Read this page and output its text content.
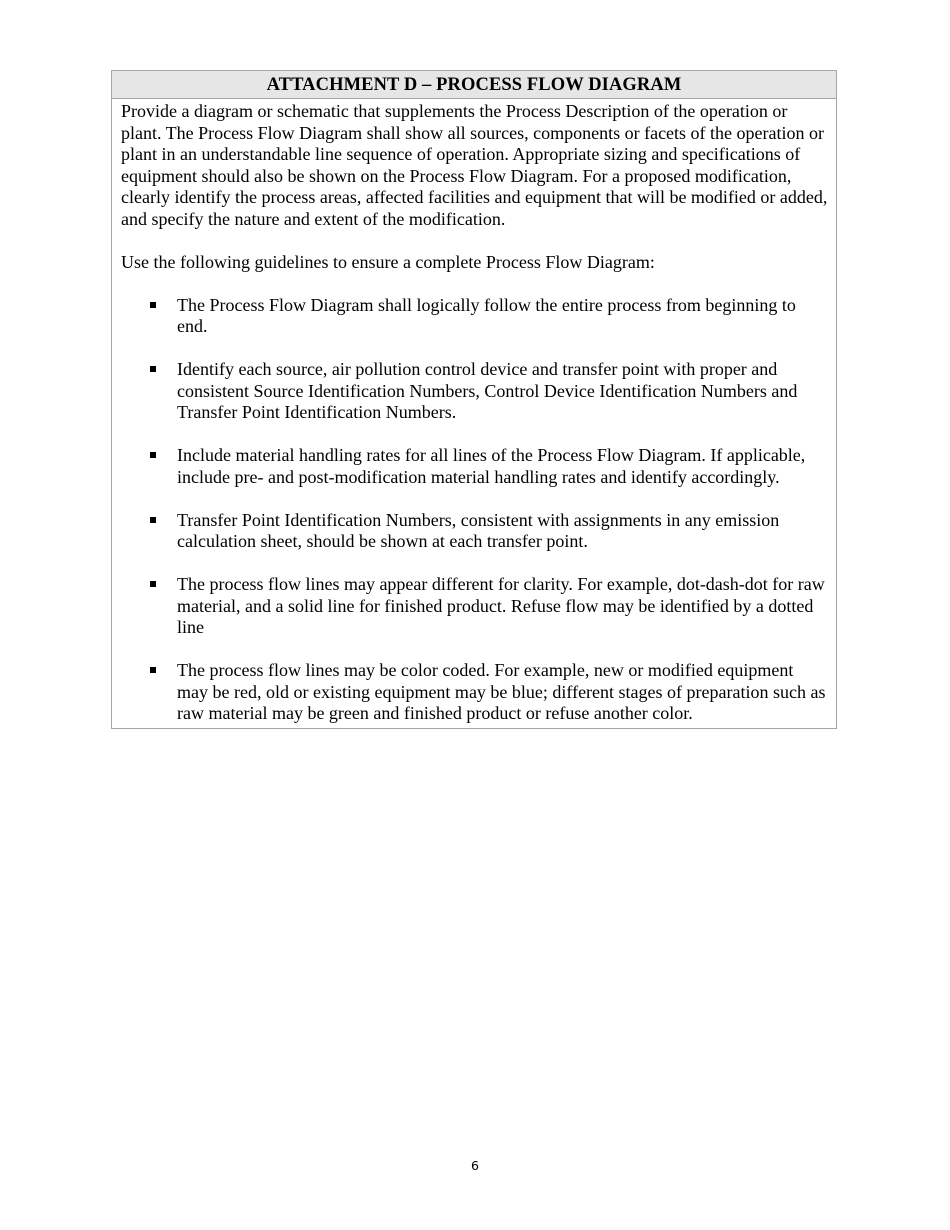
ATTACHMENT D – PROCESS FLOW DIAGRAM

Provide a diagram or schematic that supplements the Process Description of the operation or plant. The Process Flow Diagram shall show all sources, components or facets of the operation or plant in an understandable line sequence of operation. Appropriate sizing and specifications of equipment should also be shown on the Process Flow Diagram. For a proposed modification, clearly identify the process areas, affected facilities and equipment that will be modified or added, and specify the nature and extent of the modification.

Use the following guidelines to ensure a complete Process Flow Diagram:

The Process Flow Diagram shall logically follow the entire process from beginning to end.
Identify each source, air pollution control device and transfer point with proper and consistent Source Identification Numbers, Control Device Identification Numbers and Transfer Point Identification Numbers.
Include material handling rates for all lines of the Process Flow Diagram. If applicable, include pre- and post-modification material handling rates and identify accordingly.
Transfer Point Identification Numbers, consistent with assignments in any emission calculation sheet, should be shown at each transfer point.
The process flow lines may appear different for clarity. For example, dot-dash-dot for raw material, and a solid line for finished product. Refuse flow may be identified by a dotted line
The process flow lines may be color coded. For example, new or modified equipment may be red, old or existing equipment may be blue; different stages of preparation such as raw material may be green and finished product or refuse another color.
6
